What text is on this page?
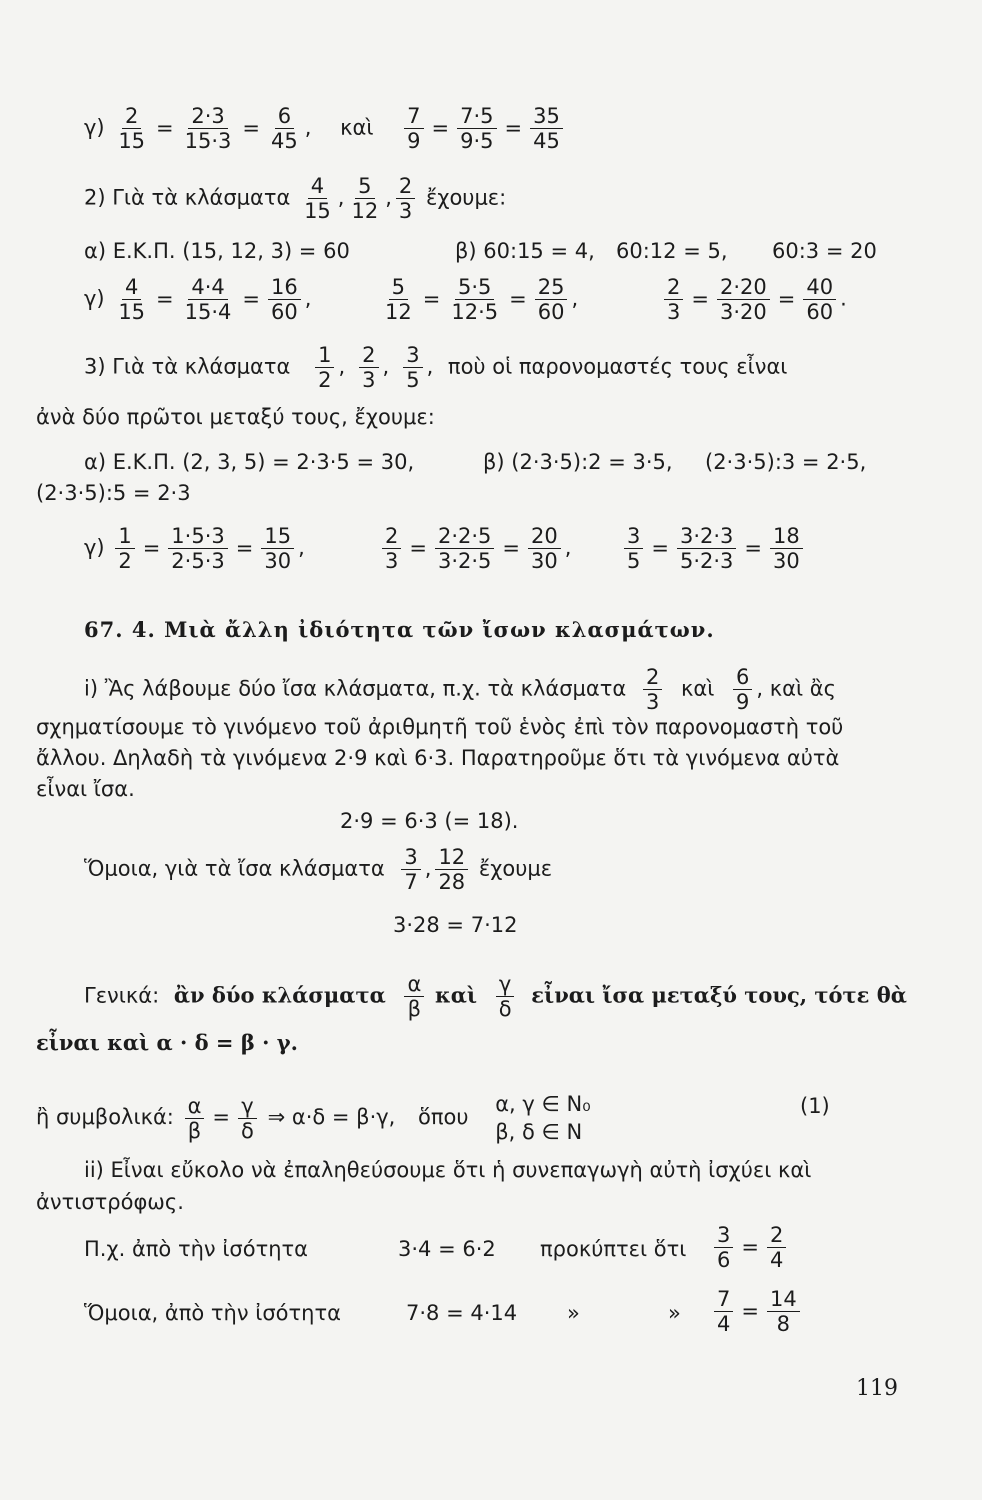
$\gamma) \frac{2}{15} = \frac{2\cdot 3}{15\cdot 3} = \frac{6}{45}$ , καὶ $\frac{7}{9} = \frac{7\cdot 5}{9\cdot 5} = \frac{35}{45}$
2) Γιὰ τὰ κλάσματα $\frac{4}{15}$ , $\frac{5}{12}$ , $\frac{2}{3}$ ἔχουμε:
α) Ε.Κ.Π. (15, 12, 3) = 60	β) 60:15 = 4, 60:12 = 5, 60:3 = 20
$\gamma) \frac{4}{15} = \frac{4\cdot 4}{15\cdot 4} = \frac{16}{60}$ ,	$\frac{5}{12} = \frac{5\cdot 5}{12\cdot 5} = \frac{25}{60}$ ,	$\frac{2}{3} = \frac{2\cdot 20}{3\cdot 20} = \frac{40}{60}$ .
3) Γιὰ τὰ κλάσματα $\frac{1}{2}$ , $\frac{2}{3}$ , $\frac{3}{5}$ , ποὺ οἱ παρονομαστές τους εἶναι
ἀνὰ δύο πρῶτοι μεταξύ τους, ἔχουμε:
α) Ε.Κ.Π. (2, 3, 5) = 2·3·5 = 30,	β) (2·3·5):2 = 3·5, (2·3·5):3 = 2·5,
(2·3·5):5 = 2·3
$\gamma) \frac{1}{2} = \frac{1\cdot 5\cdot 3}{2\cdot 5\cdot 3} = \frac{15}{30}$ ,	$\frac{2}{3} = \frac{2\cdot 2\cdot 5}{3\cdot 2\cdot 5} = \frac{20}{30}$ ,	$\frac{3}{5} = \frac{3\cdot 2\cdot 3}{5\cdot 2\cdot 3} = \frac{18}{30}$
67. 4. Μιὰ ἄλλη ἰδιότητα τῶν ἴσων κλασμάτων.
i) Ἂς λάβουμε δύο ἴσα κλάσματα, π.χ. τὰ κλάσματα $\frac{2}{3}$ καὶ $\frac{6}{9}$ , καὶ ἂς
σχηματίσουμε τὸ γινόμενο τοῦ ἀριθμητῆ τοῦ ἑνὸς ἐπὶ τὸν παρονομαστὴ τοῦ
ἄλλου. Δηλαδὴ τὰ γινόμενα 2·9 καὶ 6·3. Παρατηροῦμε ὅτι τὰ γινόμενα αὐτὰ
εἶναι ἴσα.
2·9 = 6·3 (= 18).
Ὅμοια, γιὰ τὰ ἴσα κλάσματα $\frac{3}{7}$ , $\frac{12}{28}$ ἔχουμε
3·28 = 7·12
Γενικά: ἂν δύο κλάσματα $\frac{\alpha}{\beta}$ καὶ $\frac{\gamma}{\delta}$ εἶναι ἴσα μεταξύ τους, τότε θὰ
εἶναι καὶ α · δ = β · γ.
ἢ συμβολικά: $\frac{\alpha}{\beta} = \frac{\gamma}{\delta}$ ⇒ α·δ = β·γ, ὅπου
α, γ ∈ N₀
β, δ ∈ N
(1)
ii) Εἶναι εὔκολο νὰ ἐπαληθεύσουμε ὅτι ἡ συνεπαγωγὴ αὐτὴ ἰσχύει καὶ
ἀντιστρόφως.
Π.χ. ἀπὸ τὴν ἰσότητα	3·4 = 6·2 προκύπτει ὅτι $\frac{3}{6} = \frac{2}{4}$
Ὅμοια, ἀπὸ τὴν ἰσότητα	7·8 = 4·14 »	» $\frac{7}{4} = \frac{14}{8}$
119
